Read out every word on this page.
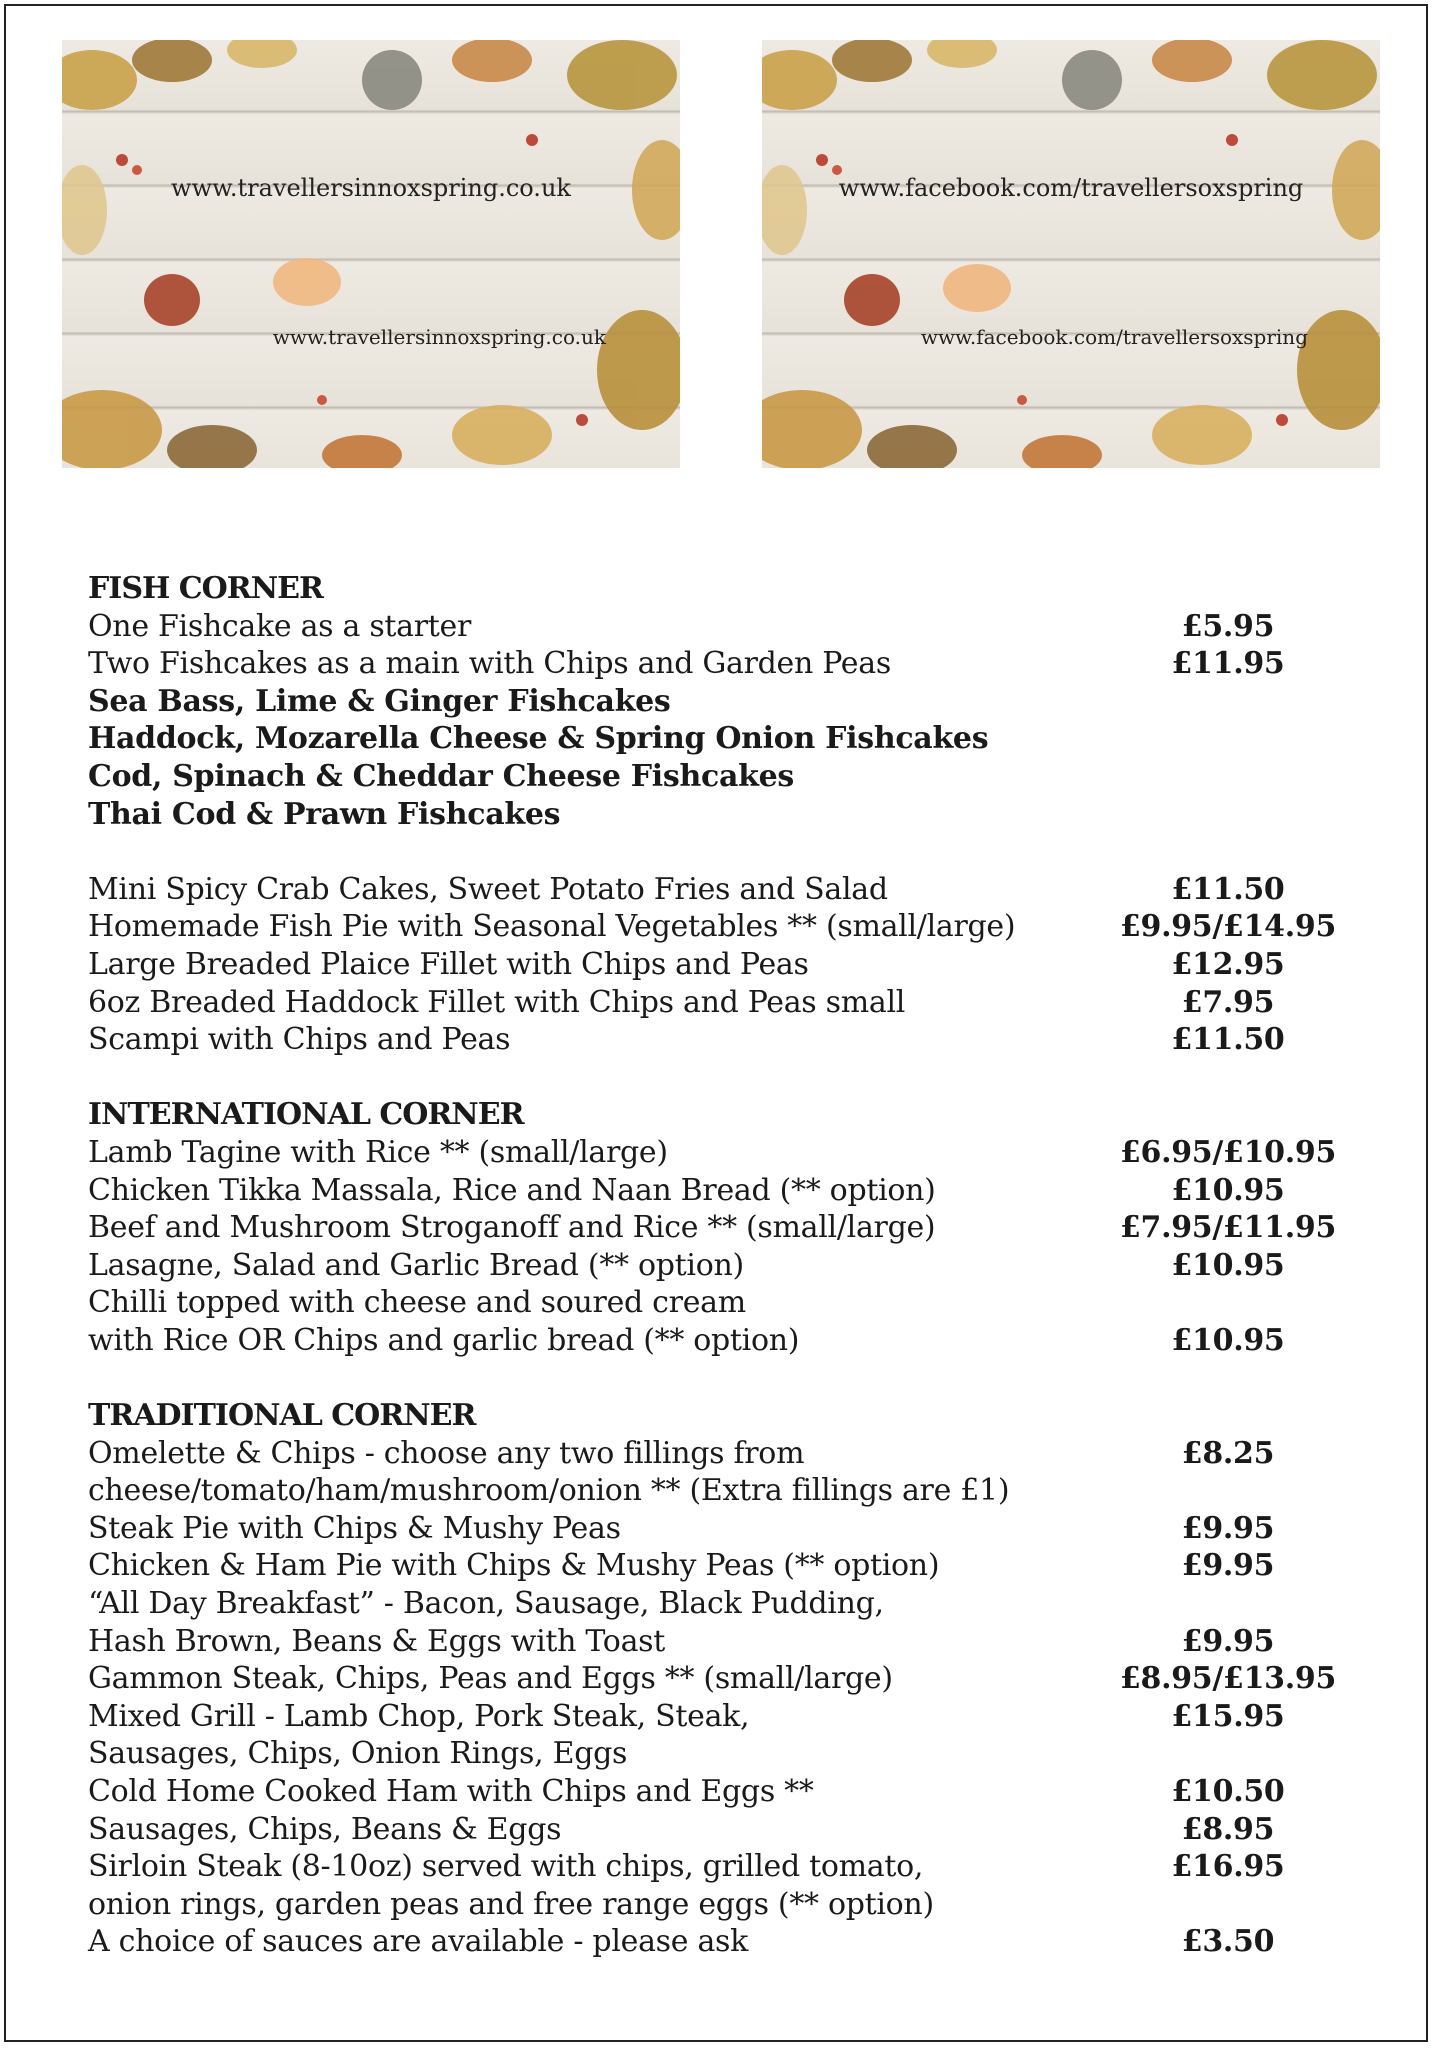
www.travellersinnoxspring.co.uk
www.travellersinnoxspring.co.uk
www.facebook.com/travellersoxspring
www.facebook.com/travellersoxspring
FISH CORNER
One Fishcake as a starter	£5.95
Two Fishcakes as a main with Chips and Garden Peas	£11.95
Sea Bass, Lime & Ginger Fishcakes
Haddock, Mozarella Cheese & Spring Onion Fishcakes
Cod, Spinach & Cheddar Cheese Fishcakes
Thai Cod & Prawn Fishcakes
Mini Spicy Crab Cakes, Sweet Potato Fries and Salad	£11.50
Homemade Fish Pie with Seasonal Vegetables ** (small/large)	£9.95/£14.95
Large Breaded Plaice Fillet with Chips and Peas	£12.95
6oz Breaded Haddock Fillet with Chips and Peas small	£7.95
Scampi with Chips and Peas	£11.50
INTERNATIONAL CORNER
Lamb Tagine with Rice ** (small/large)	£6.95/£10.95
Chicken Tikka Massala, Rice and Naan Bread (** option)	£10.95
Beef and Mushroom Stroganoff and Rice ** (small/large)	£7.95/£11.95
Lasagne, Salad and Garlic Bread (** option)	£10.95
Chilli topped with cheese and soured cream
with Rice OR Chips and garlic bread (** option)	£10.95
TRADITIONAL CORNER
Omelette & Chips - choose any two fillings from	£8.25
cheese/tomato/ham/mushroom/onion ** (Extra fillings are £1)
Steak Pie with Chips & Mushy Peas	£9.95
Chicken & Ham Pie with Chips & Mushy Peas (** option)	£9.95
“All Day Breakfast” - Bacon, Sausage, Black Pudding,
Hash Brown, Beans & Eggs with Toast	£9.95
Gammon Steak, Chips, Peas and Eggs ** (small/large)	£8.95/£13.95
Mixed Grill - Lamb Chop, Pork Steak, Steak,	£15.95
Sausages, Chips, Onion Rings, Eggs
Cold Home Cooked Ham with Chips and Eggs **	£10.50
Sausages, Chips, Beans & Eggs	£8.95
Sirloin Steak (8-10oz) served with chips, grilled tomato,	£16.95
onion rings, garden peas and free range eggs (** option)
A choice of sauces are available - please ask	£3.50
